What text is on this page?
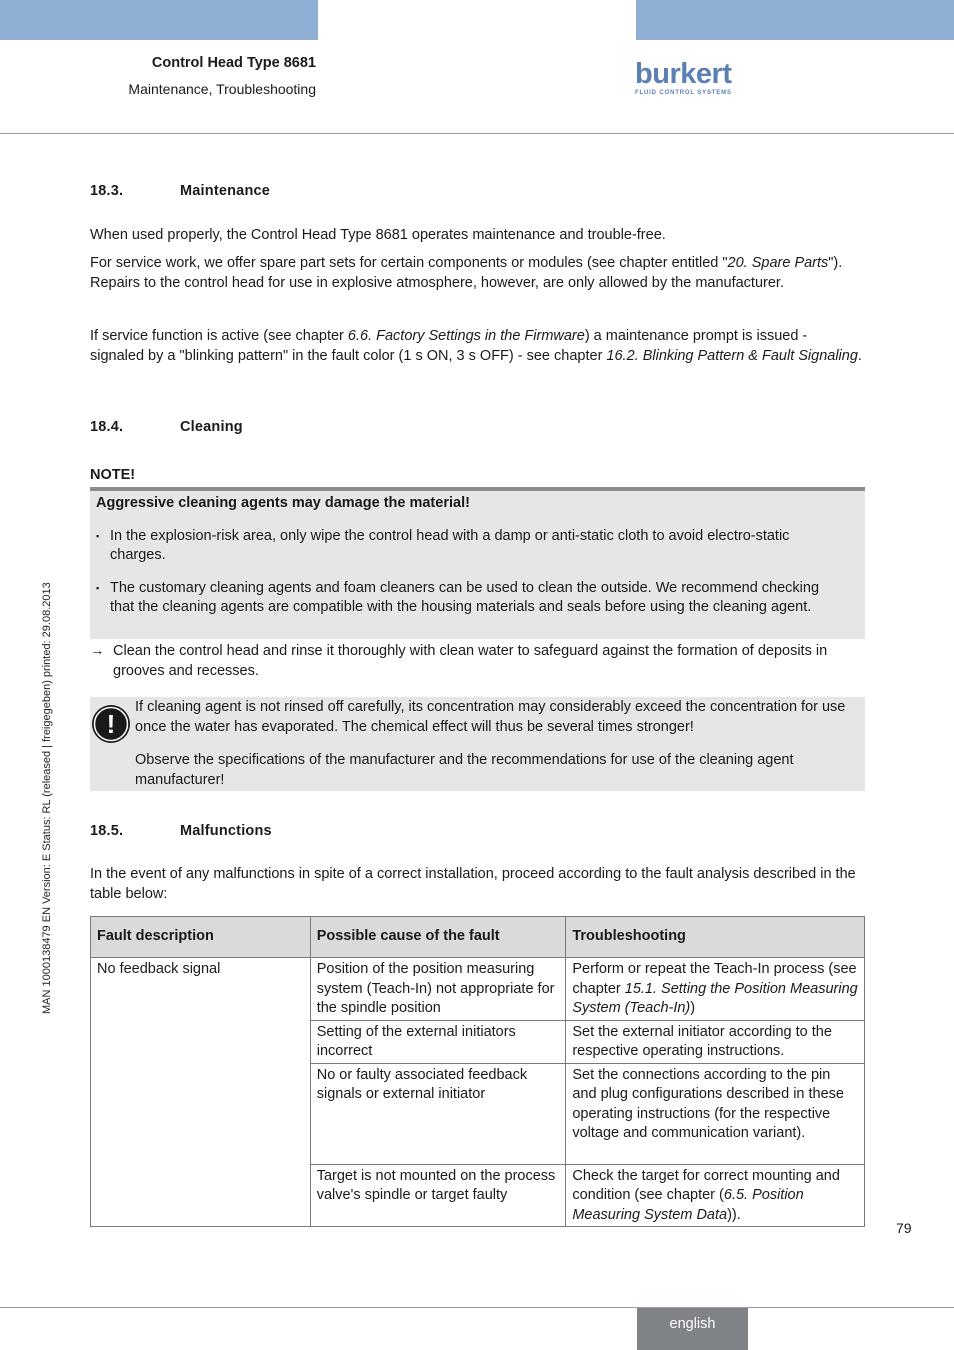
Control Head Type 8681
Maintenance, Troubleshooting	burkert
FLUID CONTROL SYSTEMS
MAN 1000138479 EN Version: E Status: RL (released | freigegeben) printed: 29.08.2013
18.3.	Maintenance

When used properly, the Control Head Type 8681 operates maintenance and trouble-free.

For service work, we offer spare part sets for certain components or modules (see chapter entitled "20. Spare Parts"). Repairs to the control head for use in explosive atmosphere, however, are only allowed by the manufacturer.

If service function is active (see chapter 6.6. Factory Settings in the Firmware) a maintenance prompt is issued - signaled by a "blinking pattern" in the fault color (1 s ON, 3 s OFF) - see chapter 16.2. Blinking Pattern & Fault Signaling.

18.4.	Cleaning
NOTE!
Aggressive cleaning agents may damage the material!
▪ In the explosion-risk area, only wipe the control head with a damp or anti-static cloth to avoid electro-static charges.
▪ The customary cleaning agents and foam cleaners can be used to clean the outside. We recommend checking that the cleaning agents are compatible with the housing materials and seals before using the cleaning agent.
→ Clean the control head and rinse it thoroughly with clean water to safeguard against the formation of deposits in grooves and recesses.

!

If cleaning agent is not rinsed off carefully, its concentration may considerably exceed the concentration for use once the water has evaporated. The chemical effect will thus be several times stronger!

Observe the specifications of the manufacturer and the recommendations for use of the cleaning agent manufacturer!

18.5.	Malfunctions

In the event of any malfunctions in spite of a correct installation, proceed according to the fault analysis described in the table below:

Fault description	Possible cause of the fault	Troubleshooting
No feedback signal	Position of the position measuring system (Teach-In) not appropriate for the spindle position	Perform or repeat the Teach-In process (see chapter 15.1. Setting the Position Measuring System (Teach-In))
	Setting of the external initiators incorrect	Set the external initiator according to the respective operating instructions.
	No or faulty associated feedback signals or external initiator	Set the connections according to the pin and plug configurations described in these operating instructions (for the respective voltage and communication variant).
	Target is not mounted on the process valve's spindle or target faulty	Check the target for correct mounting and condition (see chapter (6.5. Position Measuring System Data)).
79
english
